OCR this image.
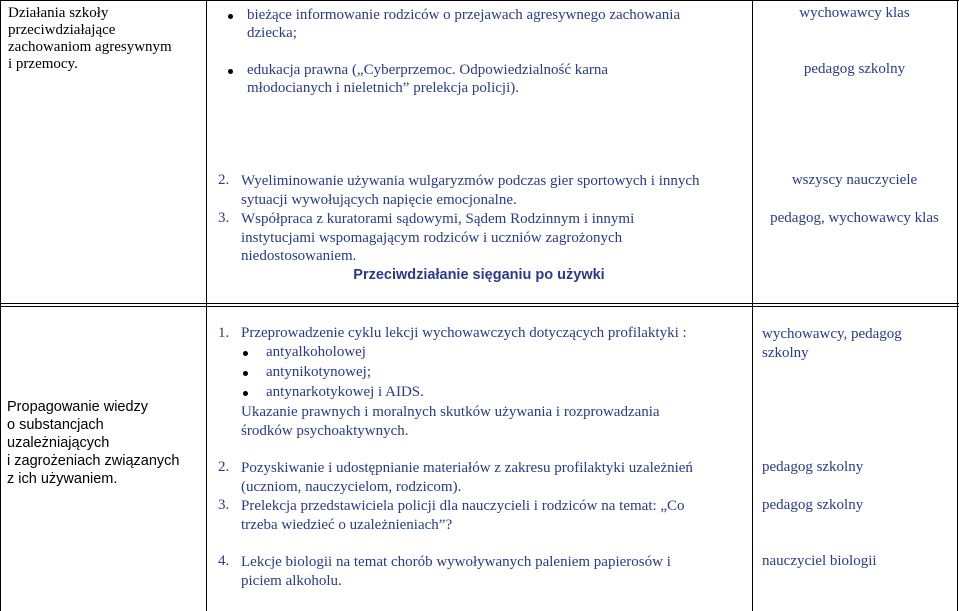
Działania szkoły
przeciwdziałające
zachowaniom agresywnym
i przemocy.
bieżące informowanie rodziców o przejawach agresywnego zachowania
dziecka;
edukacja prawna („Cyberprzemoc. Odpowiedzialność karna
młodocianych i nieletnich” prelekcja policji).
wychowawcy klas
pedagog szkolny
2. Wyeliminowanie używania wulgaryzmów podczas gier sportowych i innych
sytuacji wywołujących napięcie emocjonalne.
3. Współpraca z kuratorami sądowymi, Sądem Rodzinnym i innymi
instytucjami wspomagającym rodziców i uczniów zagrożonych
niedostosowaniem.
Przeciwdziałanie sięganiu po używki
wszyscy nauczyciele
pedagog, wychowawcy klas
Propagowanie wiedzy
o substancjach
uzależniających
i zagrożeniach związanych
z ich używaniem.
1. Przeprowadzenie cyklu lekcji wychowawczych dotyczących profilaktyki :
antyalkoholowej
antynikotynowej;
antynarkotykowej i AIDS.
Ukazanie prawnych i moralnych skutków używania i rozprowadzania
środków psychoaktywnych.
2. Pozyskiwanie i udostępnianie materiałów z zakresu profilaktyki uzależnień
(uczniom, nauczycielom, rodzicom).
3. Prelekcja przedstawiciela policji dla nauczycieli i rodziców na temat: „Co
trzeba wiedzieć o uzależnieniach”?
4. Lekcje biologii na temat chorób wywoływanych paleniem papierosów i
piciem alkoholu.
wychowawcy, pedagog
szkolny
pedagog szkolny
pedagog szkolny
nauczyciel biologii
